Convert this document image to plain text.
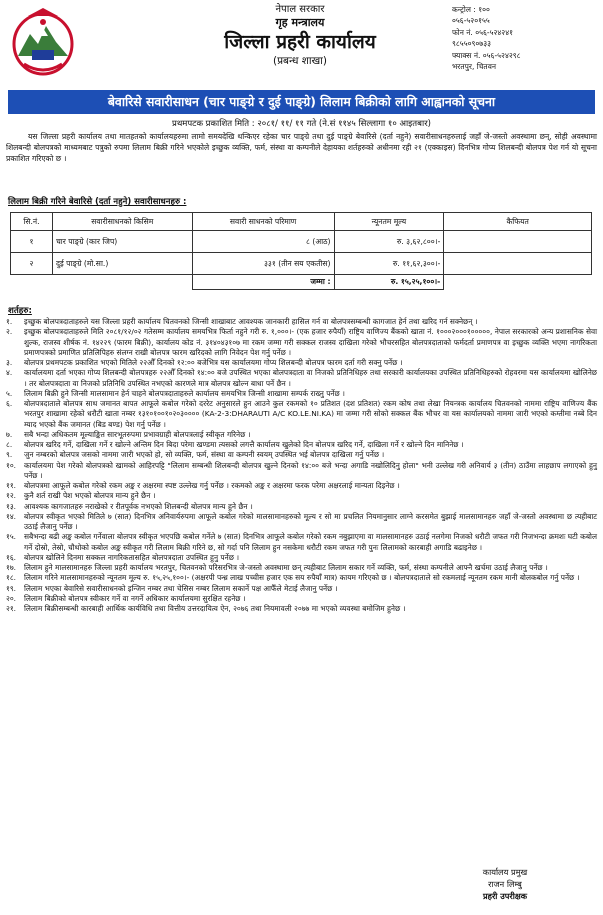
नेपाल सरकार
गृह मन्त्रालय
जिल्ला प्रहरी कार्यालय
(प्रबन्ध शाखा)
कन्ट्रोल : १००
०५६-५२०१५५
फोन नं. ०५६-५२४२४१
९८५५०९०७३३
फ्याक्स नं. ०५६-५२४२९८
भरतपुर, चितवन
बेवारिसे सवारीसाधन (चार पाङ्ग्रे र दुई पाङ्ग्रे) लिलाम बिक्रीको लागि आह्वानको सूचना
प्रथमपटक प्रकाशित मिति : २०८१/ ११/ ११ गते (ने.सं ११४५ सिल्लागा १० आइतबार)

यस जिल्ला प्रहरी कार्यालय तथा मातहतको कार्यालयहरुमा लामो समयदेखि थन्किएर रहेका चार पाङ्ग्रे तथा दुई पाङ्ग्रे बेवारिसे (दर्ता नहुने) सवारीसाधनहरुलाई जहाँ जे-जस्तो अवस्थामा छन्, सोही अवस्थामा शिलबन्दी बोलपत्रको माध्यमबाट पत्रुको रुपमा लिलाम बिक्री गरिने भएकोले इच्छुक व्यक्ति, फर्म, संस्था वा कम्पनीले देहायका शर्तहरुको अधीनमा रही २१ (एक्काइस) दिनभित्र गोप्य शिलबन्दी बोलपत्र पेश गर्न यो सूचना प्रकाशित गरिएको छ ।

लिलाम बिक्री गरिने बेवारिसे (दर्ता नहुने) सवारीसाधनहरु :
सि.नं.	सवारीसाधनको किसिम	सवारी साधनको परिमाण	न्यूनतम मूल्य	कैफियत
१	चार पाङ्ग्रे (कार जिप)	८ (आठ)	रु. ३,६२,८००।-	
२	दुई पाङ्ग्रे (मो.सा.)	३३१ (तीन सय एकतीस)	रु. ११,६२,३००।-	
		जम्मा :	रु. १५,२५,१००।-	
शर्तहरु:
१.	इच्छुक बोलपत्रदाताहरुले यस जिल्ला प्रहरी कार्यालय चितवनको जिन्सी शाखाबाट आवश्यक जानकारी हासिल गर्न वा बोलपत्रसम्बन्धी कागजात हेर्न तथा खरिद गर्न सक्नेछन् ।
२.	इच्छुक बोलपत्रदाताहरुले मिति २०८१/१२/०२ गतेसम्म कार्यालय समयभित्र फिर्ता नहुने गरी रु. १,०००।- (एक हजार रुपैयाँ) राष्ट्रिय वाणिज्य बैंकको खाता नं. १०००२०००१०००००, नेपाल सरकारको अन्य प्रशासनिक सेवा शुल्क, राजस्व शीर्षक नं. १४२२९ (फारम बिक्री), कार्यालय कोड नं. ३१४०४३१०७ मा रकम जम्मा गरी सक्कल राजस्व दाखिला गरेको भौचरसहित बोलपत्रदाताको फर्मदर्ता प्रमाणपत्र वा इच्छुक व्यक्ति भएमा नागरिकता प्रमाणपत्रको प्रमाणित प्रतिलिपिहरु संलग्न राखी बोलपत्र फारम खरिदको लागि निवेदन पेश गर्नु पर्नेछ ।
३.	बोलपत्र प्रथमपटक प्रकाशित भएको मितिले २२औँ दिनको १२:०० बजेभित्र यस कार्यालयमा गोप्य शिलबन्दी बोलपत्र फारम दर्ता गरी सक्नु पर्नेछ ।
४.	कार्यालयमा दर्ता भएका गोप्य शिलबन्दी बोलपत्रहरु २२औँ दिनको १४:०० बजे उपस्थित भएका बोलपत्रदाता वा निजको प्रतिनिधिहरु तथा सरकारी कार्यालयका उपस्थित प्रतिनिधिहरुको रोहवरमा यस कार्यालयमा खोलिनेछ । तर बोलपत्रदाता वा निजको प्रतिनिधि उपस्थित नभएको कारणले मात्र बोलपत्र खोल्न बाधा पर्ने छैन ।
५.	लिलाम बिक्री हुने जिन्सी मालसामान हेर्न चाहने बोलपत्रदाताहरुले कार्यालय समयभित्र जिन्सी शाखामा सम्पर्क राख्नु पर्नेछ ।
६.	बोलपत्रदाताले बोलपत्र साथ जमानत बापत आफूले कबोल गरेको दररेट अनुसारले हुन आउने कुल रकमको १० प्रतिशत (दश प्रतिशत) रकम कोष तथा लेखा नियन्त्रक कार्यालय चितवनको नाममा राष्ट्रिय वाणिज्य बैंक भरतपुर शाखामा रहेको धरौटी खाता नम्बर १३१०१००१०२०३०००० (KA-2-3:DHARAUTI A/C KO.LE.NI.KA) मा जम्मा गरी सोको सक्कल बैंक भौचर वा यस कार्यालयको नाममा जारी भएको कम्तीमा नब्बे दिन म्याद भएको बैंक जमानत (बिड बण्ड) पेश गर्नु पर्नेछ ।
७.	सबै भन्दा अधिकतम मूल्याङ्कित सारभूतरुपमा प्रभावग्राही बोलपत्रलाई स्वीकृत गरिनेछ ।
८.	बोलपत्र खरिद गर्ने, दाखिला गर्ने र खोल्ने अन्तिम दिन बिदा परेमा खण्डमा त्यसको लगत्तै कार्यालय खुलेको दिन बोलपत्र खरिद गर्ने, दाखिला गर्ने र खोल्ने दिन मानिनेछ ।
९.	जुन नम्बरको बोलपत्र जसको नाममा जारी भएको हो, सो व्यक्ति, फर्म, संस्था वा कम्पनी स्वयम् उपस्थित भई बोलपत्र दाखिला गर्नु पर्नेछ ।
१०.	कार्यालयमा पेश गरेको बोलपत्रको खामको आहिरपट्टि "लिलाम सम्बन्धी शिलबन्दी बोलपत्र खुल्ने दिनको १४:०० बजे भन्दा अगाडि नखोलिदिनु होला" भनी उल्लेख गरी अनिवार्य ३ (तीन) ठाउँमा लाहछाप लगाएको हुनु पर्नेछ ।
११.	बोलपत्रमा आफूले कबोल गरेको रकम अङ्क र अक्षरमा स्पष्ट उल्लेख गर्नु पर्नेछ । रकमको अङ्क र अक्षरमा फरक परेमा अक्षरलाई मान्यता दिइनेछ ।
१२.	कुनै शर्त राखी पेश भएको बोलपत्र मान्य हुने छैन ।
१३.	आवश्यक कागजातहरु नराखेको र रीतपूर्वक नभएको शिलबन्दी बोलपत्र मान्य हुने छैन ।
१४.	बोलपत्र स्वीकृत भएको मितिले ७ (सात) दिनभित्र अनिवार्यरुपमा आफूले कबोल गरेको मालसामानहरुको मूल्य र सो मा प्रचलित नियमानुसार लाग्ने करसमेत बुझाई मालसामानहरु जहाँ जे-जस्तो अवस्थामा छ त्यहीबाट उठाई लैजानु पर्नेछ ।
१५.	सबैभन्दा बढी अङ्क कबोल गर्नेवाला बोलपत्र स्वीकृत भएपछि कबोल गर्नेले ७ (सात) दिनभित्र आफूले कबोल गरेको रकम नबुझाएमा वा मालसामानहरु उठाई नलगेमा निजको धरौटी जफत गरी निजभन्दा क्रमशः घटी कबोल गर्ने दोस्रो, तेस्रो, चौथोको कबोल अङ्क स्वीकृत गरी लिलाम बिक्री गरिने छ, सो गर्दा पनि लिलाम हुन नसकेमा धरौटी रकम जफत गरी पुनः लिलामको कारबाही अगाडि बढाइनेछ ।
१६.	बोलपत्र खोलिने दिनमा सक्कल नागरिकतासहित बोलपत्रदाता उपस्थित हुनु पर्नेछ ।
१७.	लिलाम हुने मालसामानहरु जिल्ला प्रहरी कार्यालय भरतपुर, चितवनको परिसरभित्र जे-जस्तो अवस्थामा छन् त्यहीबाट लिलाम सकार गर्ने व्यक्ति, फर्म, संस्था कम्पनीले आफ्नै खर्चमा उठाई लैजानु पर्नेछ ।
१८.	लिलाम गरिने मालसामानहरुको न्यूनतम मूल्य रु. १५,२५,१००।- (अक्षरपी पन्ध्र लाख पच्चीस हजार एक सय रुपैयाँ मात्र) कायम गरिएको छ । बोलपत्रदाताले सो रकमलाई न्यूनतम रकम मानी बोलकबोल गर्नु पर्नेछ ।
१९.	लिलाम भएका बेवारिसे सवारीसाधनको इन्जिन नम्बर तथा चेसिस नम्बर लिलाम सकार्ने पक्ष आफैँले मेटाई लैजानु पर्नेछ ।
२०.	लिलाम बिक्रीको बोलपत्र स्वीकार गर्ने वा नगर्ने अधिकार कार्यालयमा सुरक्षित रहनेछ ।
२१.	लिलाम बिक्रीसम्बन्धी कारबाही आर्थिक कार्यविधि तथा वित्तीय उत्तरदायित्व ऐन, २०७६ तथा नियमावली २०७७ मा भएको व्यवस्था बमोजिम हुनेछ ।
कार्यालय प्रमुख
राजन लिम्बु
प्रहरी उपरीक्षक
